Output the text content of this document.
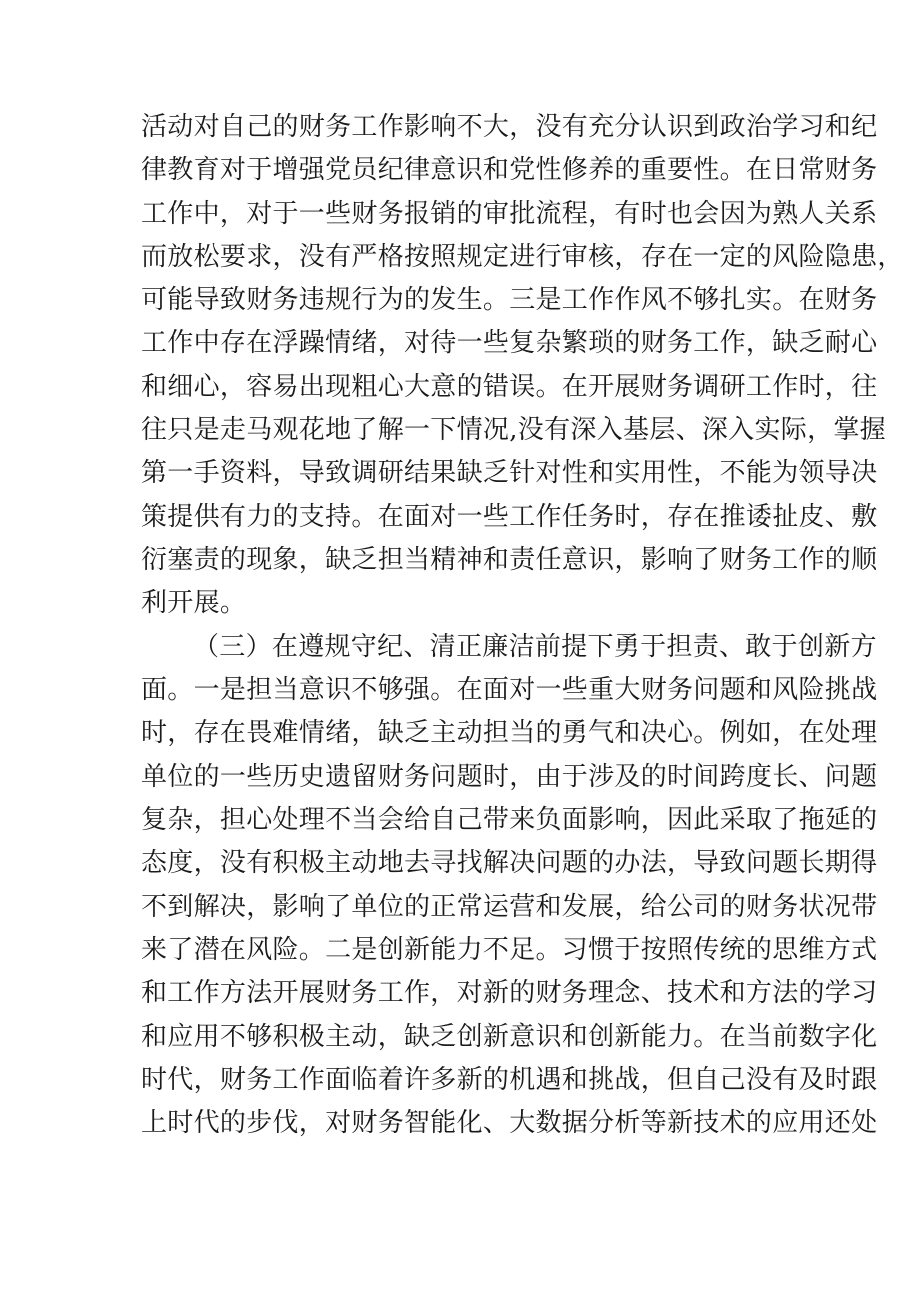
活动对自己的财务工作影响不大，没有充分认识到政治学习和纪
律教育对于增强党员纪律意识和党性修养的重要性。在日常财务
工作中，对于一些财务报销的审批流程，有时也会因为熟人关系
而放松要求，没有严格按照规定进行审核，存在一定的风险隐患，
可能导致财务违规行为的发生。三是工作作风不够扎实。在财务
工作中存在浮躁情绪，对待一些复杂繁琐的财务工作，缺乏耐心
和细心，容易出现粗心大意的错误。在开展财务调研工作时，往
往只是走马观花地了解一下情况,没有深入基层、深入实际，掌握
第一手资料，导致调研结果缺乏针对性和实用性，不能为领导决
策提供有力的支持。在面对一些工作任务时，存在推诿扯皮、敷
衍塞责的现象，缺乏担当精神和责任意识，影响了财务工作的顺
利开展。
（三）在遵规守纪、清正廉洁前提下勇于担责、敢于创新方
面。一是担当意识不够强。在面对一些重大财务问题和风险挑战
时，存在畏难情绪，缺乏主动担当的勇气和决心。例如，在处理
单位的一些历史遗留财务问题时，由于涉及的时间跨度长、问题
复杂，担心处理不当会给自己带来负面影响，因此采取了拖延的
态度，没有积极主动地去寻找解决问题的办法，导致问题长期得
不到解决，影响了单位的正常运营和发展，给公司的财务状况带
来了潜在风险。二是创新能力不足。习惯于按照传统的思维方式
和工作方法开展财务工作，对新的财务理念、技术和方法的学习
和应用不够积极主动，缺乏创新意识和创新能力。在当前数字化
时代，财务工作面临着许多新的机遇和挑战，但自己没有及时跟
上时代的步伐，对财务智能化、大数据分析等新技术的应用还处
